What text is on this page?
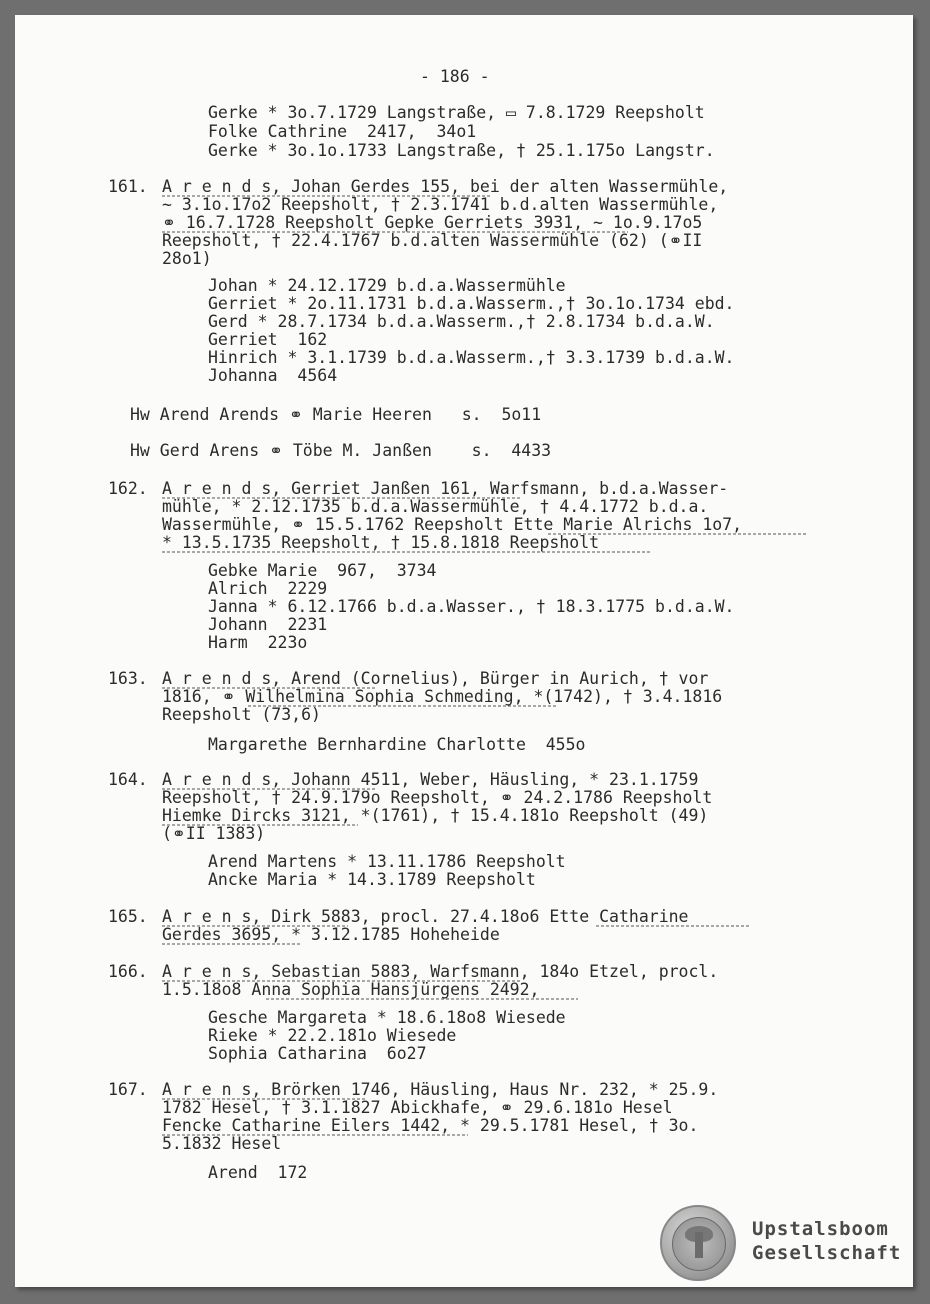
- 186 -
Gerke * 3o.7.1729 Langstraße, ▭ 7.8.1729 Reepsholt
Folke Cathrine  2417,  34o1
Gerke * 3o.1o.1733 Langstraße, † 25.1.175o Langstr.
161. A r e n d s, Johan Gerdes 155, bei der alten Wassermühle,
~ 3.1o.17o2 Reepsholt, † 2.3.1741 b.d.alten Wassermühle,
⚭ 16.7.1728 Reepsholt Gepke Gerriets 3931, ~ 1o.9.17o5
Reepsholt, † 22.4.1767 b.d.alten Wassermühle (62) (⚭II
28o1)
Johan * 24.12.1729 b.d.a.Wassermühle
Gerriet * 2o.11.1731 b.d.a.Wasserm.,† 3o.1o.1734 ebd.
Gerd * 28.7.1734 b.d.a.Wasserm.,† 2.8.1734 b.d.a.W.
Gerriet  162
Hinrich * 3.1.1739 b.d.a.Wasserm.,† 3.3.1739 b.d.a.W.
Johanna  4564
Hw Arend Arends ⚭ Marie Heeren   s.  5o11
Hw Gerd Arens ⚭ Töbe M. Janßen    s.  4433
162. A r e n d s, Gerriet Janßen 161, Warfsmann, b.d.a.Wasser-
mühle, * 2.12.1735 b.d.a.Wassermühle, † 4.4.1772 b.d.a.
Wassermühle, ⚭ 15.5.1762 Reepsholt Ette Marie Alrichs 1o7,
* 13.5.1735 Reepsholt, † 15.8.1818 Reepsholt
Gebke Marie  967,  3734
Alrich  2229
Janna * 6.12.1766 b.d.a.Wasser., † 18.3.1775 b.d.a.W.
Johann  2231
Harm  223o
163. A r e n d s, Arend (Cornelius), Bürger in Aurich, † vor
1816, ⚭ Wilhelmina Sophia Schmeding, *(1742), † 3.4.1816
Reepsholt (73,6)
Margarethe Bernhardine Charlotte  455o
164. A r e n d s, Johann 4511, Weber, Häusling, * 23.1.1759
Reepsholt, † 24.9.179o Reepsholt, ⚭ 24.2.1786 Reepsholt
Hiemke Dircks 3121, *(1761), † 15.4.181o Reepsholt (49)
(⚭II 1383)
Arend Martens * 13.11.1786 Reepsholt
Ancke Maria * 14.3.1789 Reepsholt
165. A r e n s, Dirk 5883, procl. 27.4.18o6 Ette Catharine
Gerdes 3695, * 3.12.1785 Hoheheide
166. A r e n s, Sebastian 5883, Warfsmann, 184o Etzel, procl.
1.5.18o8 Anna Sophia Hansjürgens 2492,
Gesche Margareta * 18.6.18o8 Wiesede
Rieke * 22.2.181o Wiesede
Sophia Catharina  6o27
167. A r e n s, Brörken 1746, Häusling, Haus Nr. 232, * 25.9.
1782 Hesel, † 3.1.1827 Abickhafe, ⚭ 29.6.181o Hesel
Fencke Catharine Eilers 1442, * 29.5.1781 Hesel, † 3o.
5.1832 Hesel
Arend  172
Upstalsboom
Gesellschaft
